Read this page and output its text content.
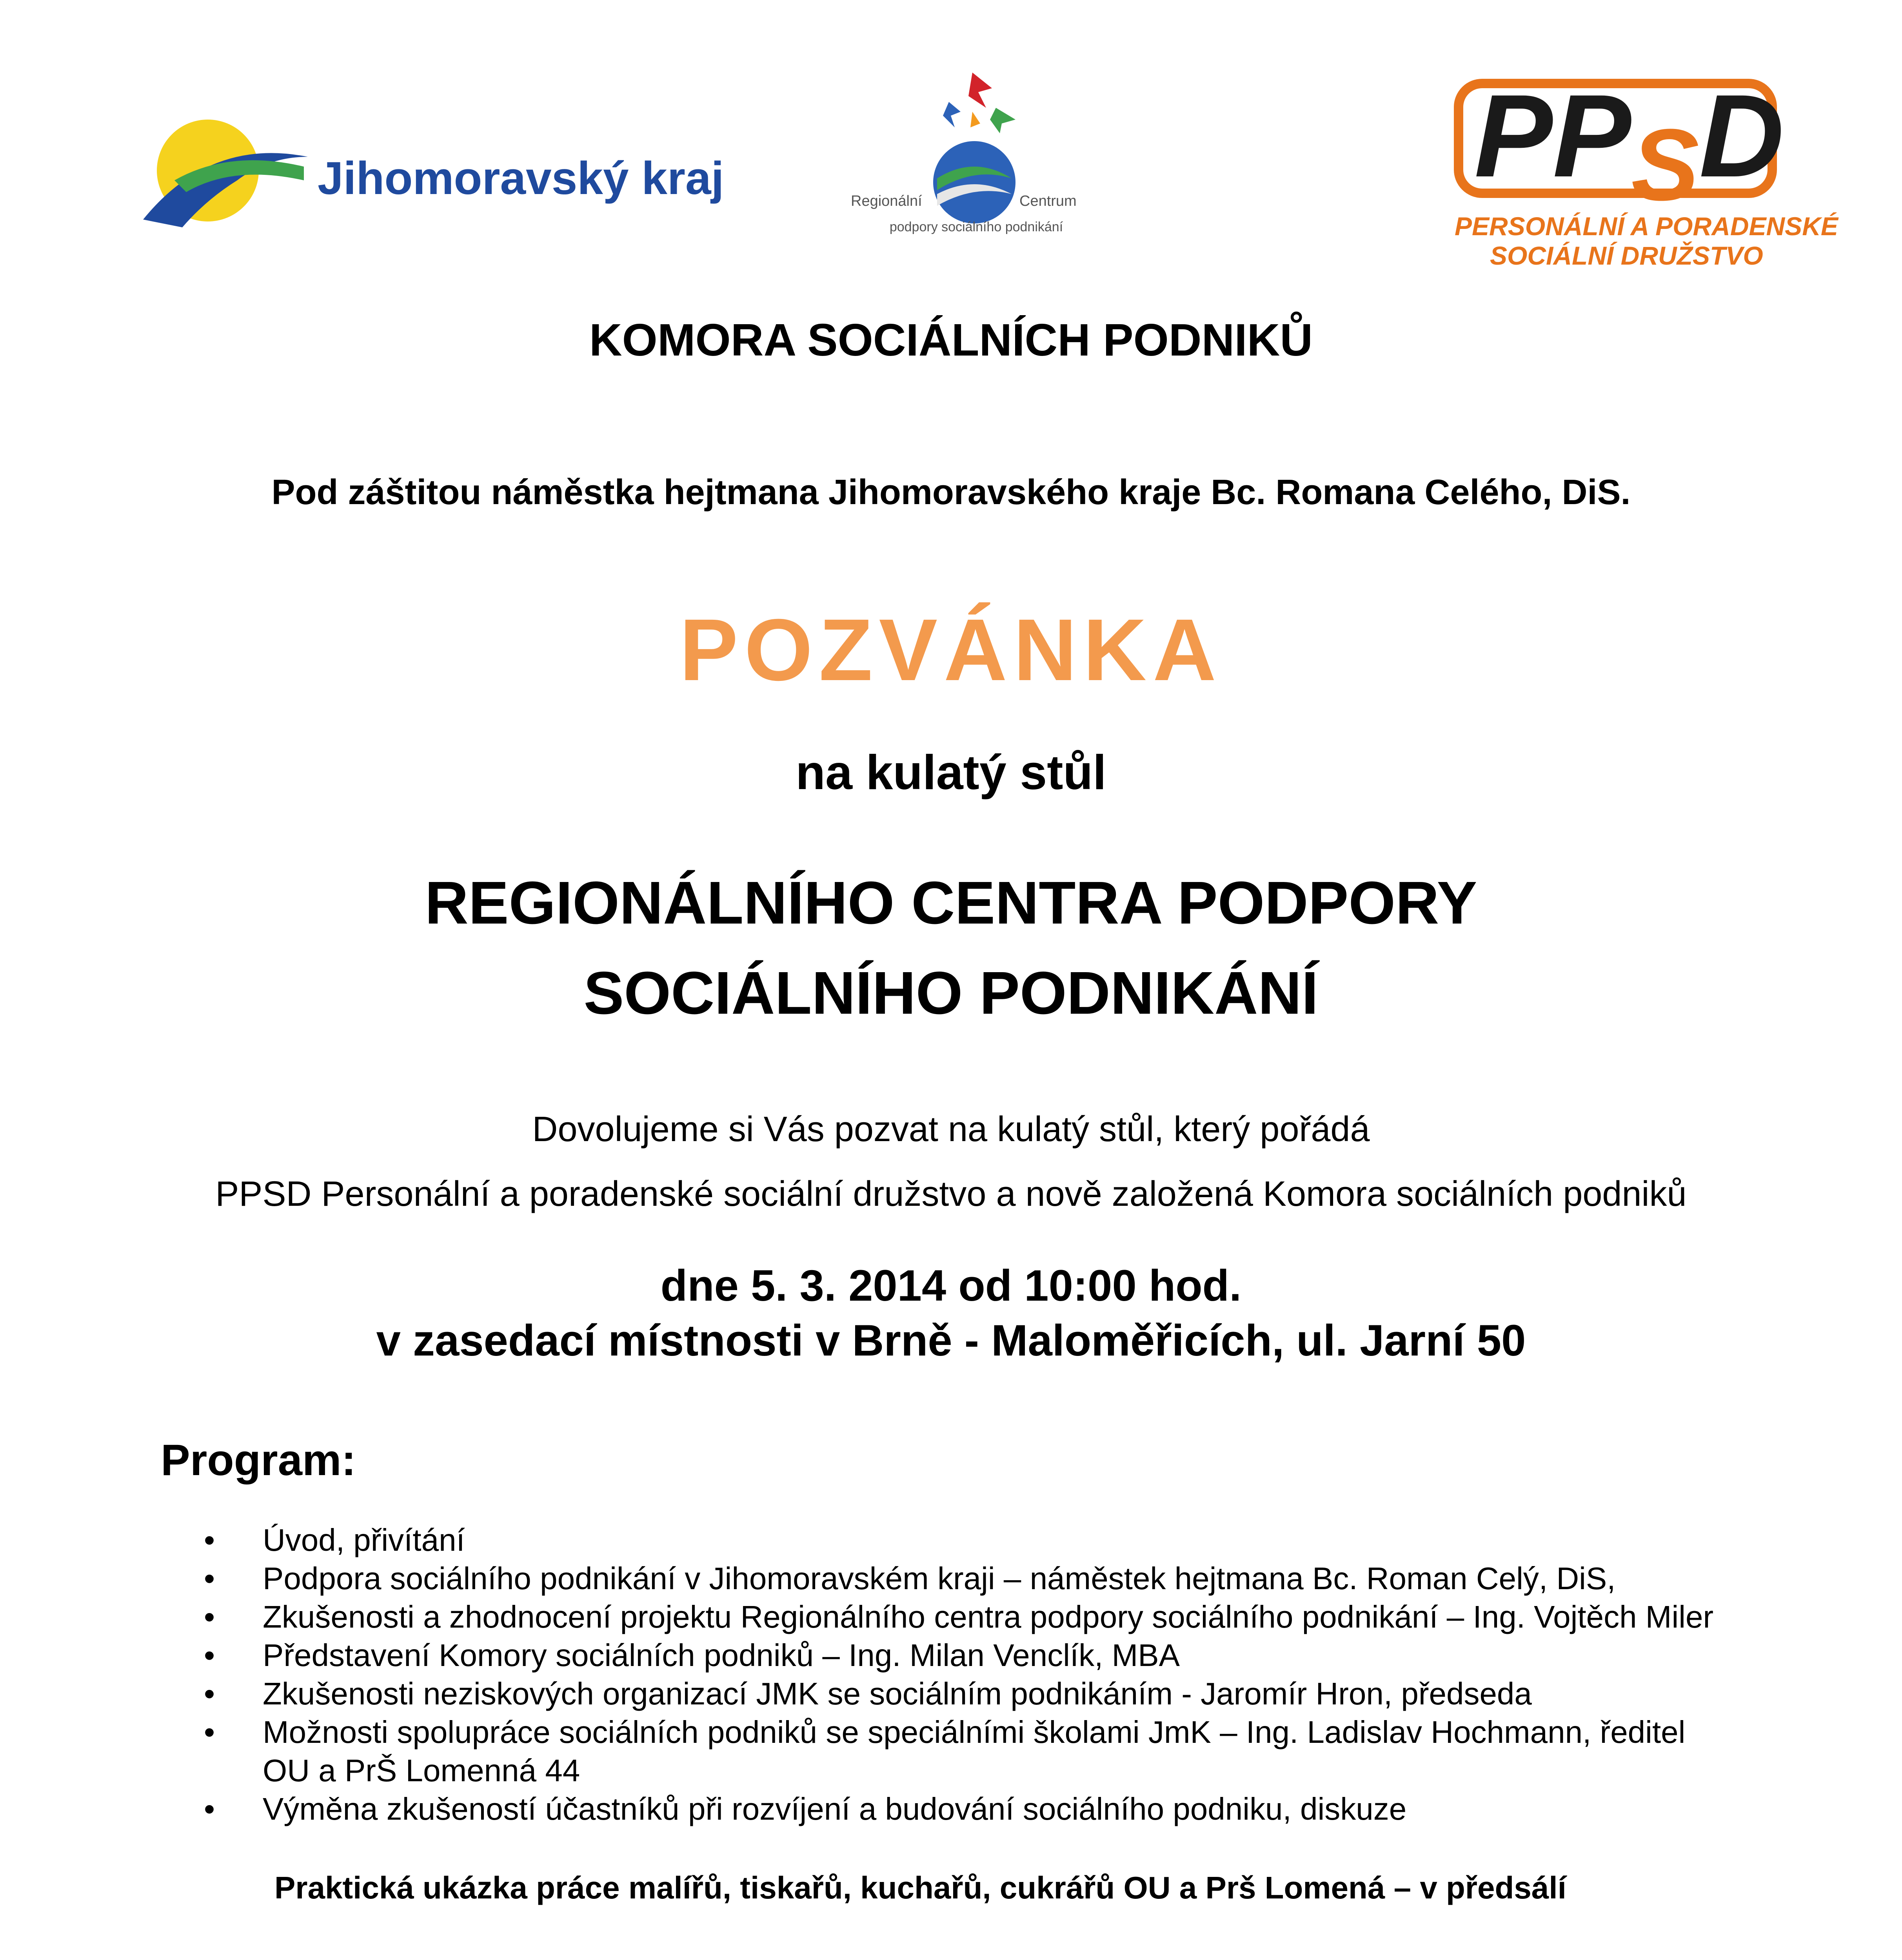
Jihomoravský kraj	Regionální	Centrum
podpory sociálního podnikání
PPSD
PERSONÁLNÍ A PORADENSKÉ
SOCIÁLNÍ DRUŽSTVO
KOMORA SOCIÁLNÍCH PODNIKŮ
Pod záštitou náměstka hejtmana Jihomoravského kraje Bc. Romana Celého, DiS.
POZVÁNKA
na kulatý stůl
REGIONÁLNÍHO CENTRA PODPORY
SOCIÁLNÍHO PODNIKÁNÍ
Dovolujeme si Vás pozvat na kulatý stůl, který pořádá
PPSD Personální a poradenské sociální družstvo a nově založená Komora sociálních podniků
dne 5. 3. 2014 od 10:00 hod.
v zasedací místnosti v Brně - Maloměřicích, ul. Jarní 50
Program:
• Úvod, přivítání
• Podpora sociálního podnikání v Jihomoravském kraji – náměstek hejtmana Bc. Roman Celý, DiS,
• Zkušenosti a zhodnocení projektu Regionálního centra podpory sociálního podnikání – Ing. Vojtěch Miler
• Představení Komory sociálních podniků – Ing. Milan Venclík, MBA
• Zkušenosti neziskových organizací JMK se sociálním podnikáním - Jaromír Hron, předseda
• Možnosti spolupráce sociálních podniků se speciálními školami JmK – Ing. Ladislav Hochmann, ředitel
OU a PrŠ Lomenná 44
• Výměna zkušeností účastníků při rozvíjení a budování sociálního podniku, diskuze
Praktická ukázka práce malířů, tiskařů, kuchařů, cukrářů OU a Prš Lomená – v předsálí
